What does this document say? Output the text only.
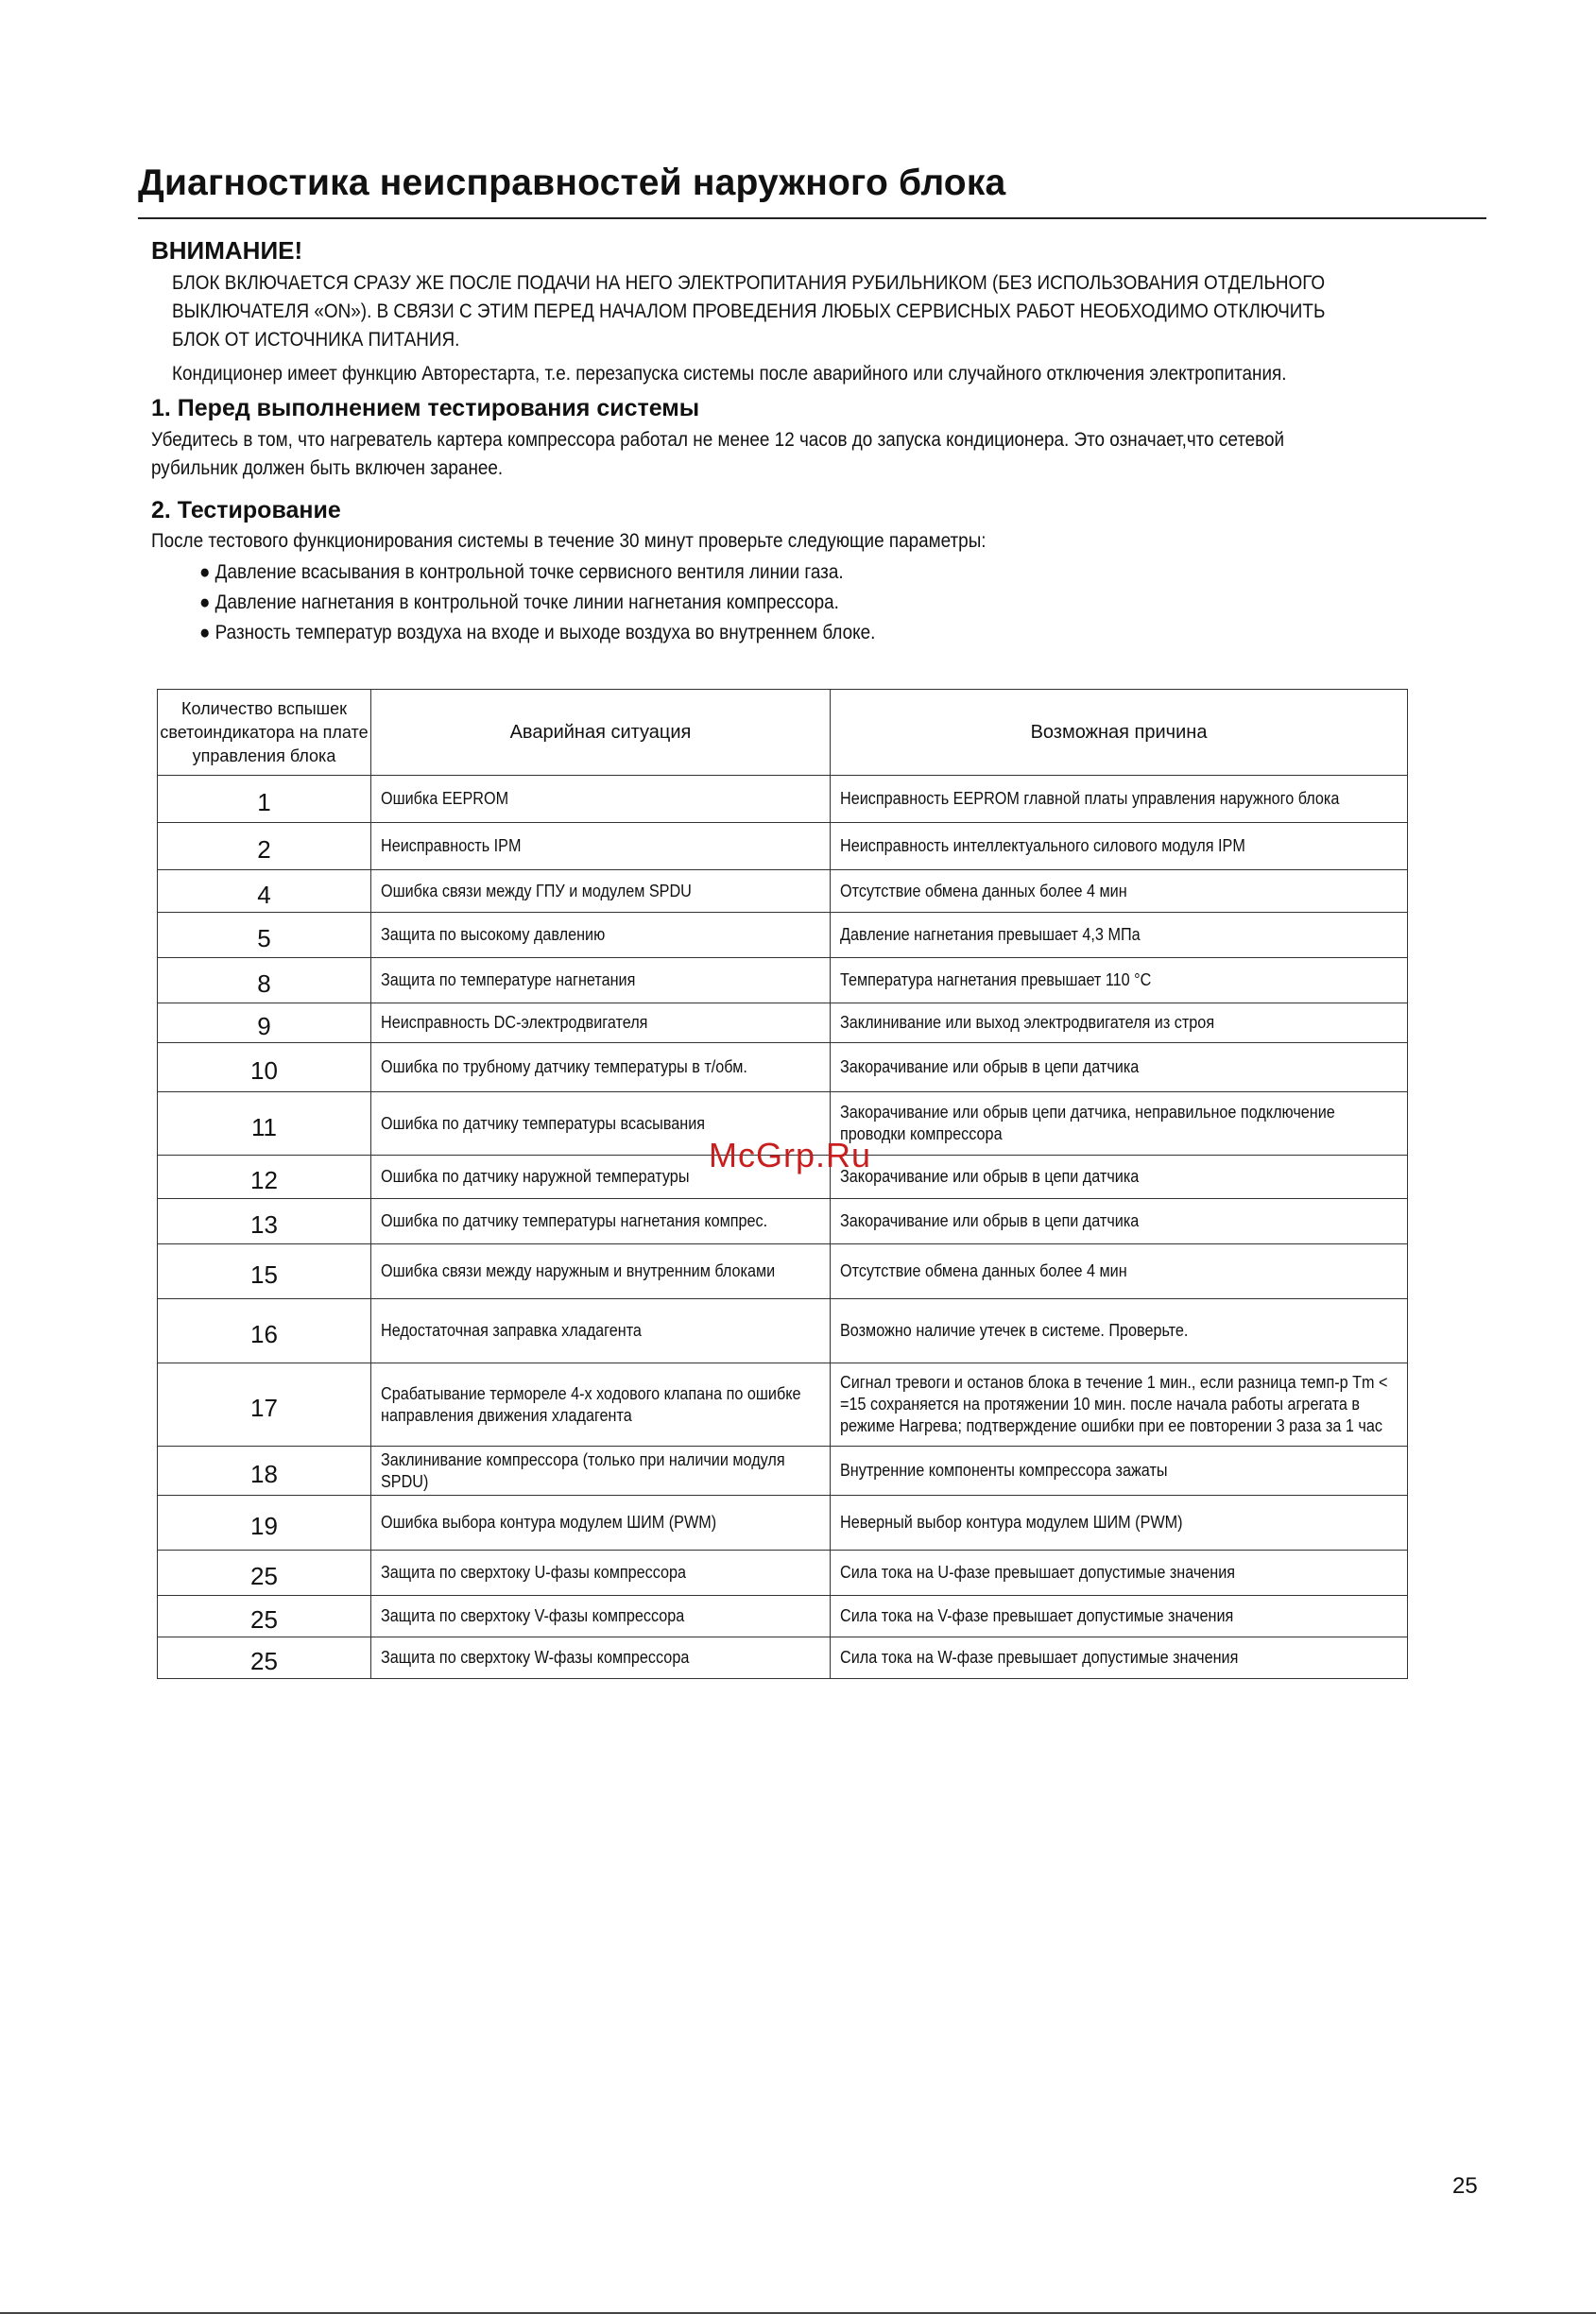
Диагностика неисправностей наружного блока
ВНИМАНИЕ!

БЛОК ВКЛЮЧАЕТСЯ СРАЗУ ЖЕ ПОСЛЕ ПОДАЧИ НА НЕГО ЭЛЕКТРОПИТАНИЯ РУБИЛЬНИКОМ (БЕЗ ИСПОЛЬЗОВАНИЯ ОТДЕЛЬНОГО ВЫКЛЮЧАТЕЛЯ «ON»). В СВЯЗИ С ЭТИМ ПЕРЕД НАЧАЛОМ ПРОВЕДЕНИЯ ЛЮБЫХ СЕРВИСНЫХ РАБОТ НЕОБХОДИМО ОТКЛЮЧИТЬ БЛОК ОТ ИСТОЧНИКА ПИТАНИЯ.

Кондиционер имеет функцию Авторестарта, т.е. перезапуска системы после аварийного или случайного отключения электропитания.

1. Перед выполнением тестирования системы

Убедитесь в том, что нагреватель картера компрессора работал не менее 12 часов до запуска кондиционера. Это означает,что сетевой рубильник должен быть включен заранее.

2. Тестирование

После тестового функционирования системы в течение 30 минут проверьте следующие параметры:

● Давление всасывания в контрольной точке сервисного вентиля линии газа.
● Давление нагнетания в контрольной точке линии нагнетания компрессора.
● Разность температур воздуха на входе и выходе воздуха во внутреннем блоке.
Количество вспышек светоиндикатора на плате управления блока	Аварийная ситуация	Возможная причина
1	Ошибка EEPROM	Неисправность EEPROM главной платы управления наружного блока

2	Неисправность IPM	Неисправность интеллектуального силового модуля IPM

4	Ошибка связи между ГПУ и модулем SPDU	Отсутствие обмена данных более 4 мин

5	Защита по высокому давлению	Давление нагнетания превышает 4,3 МПа

8	Защита по температуре нагнетания	Температура нагнетания превышает 110 °С

9	Неисправность DC-электродвигателя	Заклинивание или выход электродвигателя из строя

10	Ошибка по трубному датчику температуры в т/обм.	Закорачивание или обрыв в цепи датчика

11	Ошибка по датчику температуры всасывания	Закорачивание или обрыв цепи датчика, неправильное подключение проводки компрессора

12	Ошибка по датчику наружной температуры	Закорачивание или обрыв в цепи датчика

13	Ошибка по датчику температуры нагнетания компрес.	Закорачивание или обрыв в цепи датчика

15	Ошибка связи между наружным и внутренним блоками	Отсутствие обмена данных более 4 мин

16	Недостаточная заправка хладагента	Возможно наличие утечек в системе. Проверьте.

17	Срабатывание термореле 4-х ходового клапана по ошибке направления движения хладагента	Сигнал тревоги и останов блока в течение 1 мин., если разница темп-р Tm < =15 сохраняется на протяжении 10 мин. после начала работы агрегата в режиме Нагрева; подтверждение ошибки при ее повторении 3 раза за 1 час

18	Заклинивание компрессора (только при наличии модуля SPDU)	Внутренние компоненты компрессора зажаты

19	Ошибка выбора контура модулем ШИМ (PWM)	Неверный выбор контура модулем ШИМ (PWM)

25	Защита по сверхтоку U-фазы компрессора	Сила тока на U-фазе превышает допустимые значения

25	Защита по сверхтоку V-фазы компрессора	Сила тока на V-фазе превышает допустимые значения

25	Защита по сверхтоку W-фазы компрессора	Сила тока на W-фазе превышает допустимые значения
McGrp.Ru
25
